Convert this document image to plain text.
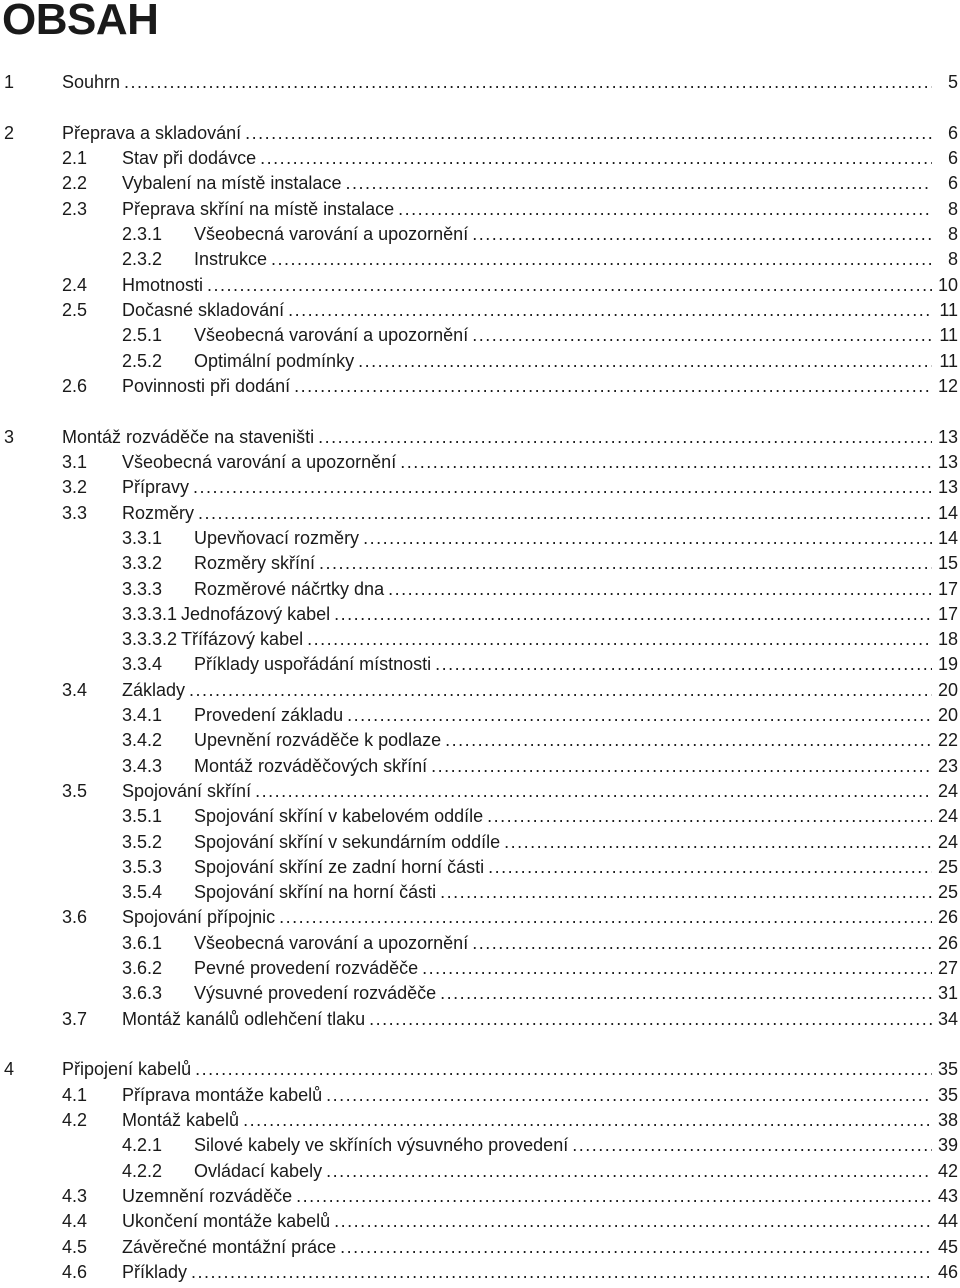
OBSAH
1	Souhrn .....	5
2	Přeprava a skladování .....	6
2.1 Stav při dodávce .....	6
2.2 Vybalení na místě instalace .....	6
2.3 Přeprava skříní na místě instalace .....	8
2.3.1 Všeobecná varování a upozornění .....	8
2.3.2 Instrukce .....	8
2.4 Hmotnosti .....	10
2.5 Dočasné skladování .....	11
2.5.1 Všeobecná varování a upozornění .....	11
2.5.2 Optimální podmínky .....	11
2.6 Povinnosti při dodání .....	12
3	Montáž rozváděče na staveništi .....	13
3.1 Všeobecná varování a upozornění .....	13
3.2 Přípravy .....	13
3.3 Rozměry .....	14
3.3.1 Upevňovací rozměry .....	14
3.3.2 Rozměry skříní .....	15
3.3.3 Rozměrové náčrtky dna .....	17
3.3.3.1 Jednofázový kabel .....	17
3.3.3.2 Třífázový kabel .....	18
3.3.4 Příklady uspořádání místnosti .....	19
3.4 Základy .....	20
3.4.1 Provedení základu .....	20
3.4.2 Upevnění rozváděče k podlaze .....	22
3.4.3 Montáž rozváděčových skříní .....	23
3.5 Spojování skříní .....	24
3.5.1 Spojování skříní v kabelovém oddíle .....	24
3.5.2 Spojování skříní v sekundárním oddíle .....	24
3.5.3 Spojování skříní ze zadní horní části .....	25
3.5.4 Spojování skříní na horní části .....	25
3.6 Spojování přípojnic .....	26
3.6.1 Všeobecná varování a upozornění .....	26
3.6.2 Pevné provedení rozváděče .....	27
3.6.3 Výsuvné provedení rozváděče .....	31
3.7 Montáž kanálů odlehčení tlaku .....	34
4	Připojení kabelů .....	35
4.1 Příprava montáže kabelů .....	35
4.2 Montáž kabelů .....	38
4.2.1 Silové kabely ve skříních výsuvného provedení .....	39
4.2.2 Ovládací kabely .....	42
4.3 Uzemnění rozváděče .....	43
4.4 Ukončení montáže kabelů .....	44
4.5 Závěrečné montážní práce .....	45
4.6 Příklady .....	46
